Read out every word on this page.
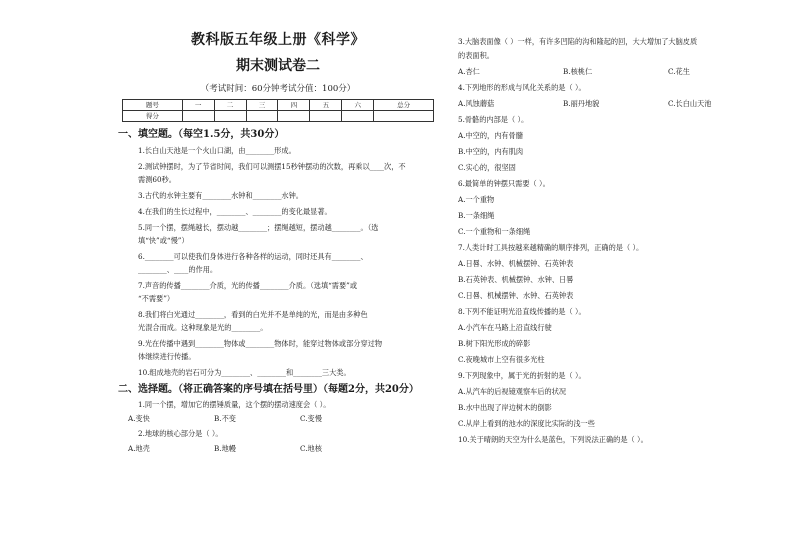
教科版五年级上册《科学》
期末测试卷二
（考试时间：60分钟考试分值：100分）
题号	一	二	三	四	五	六	总分
得分							
一、填空题。（每空1.5分，共30分）
1.长白山天池是一个火山口湖，由________形成。
2.测试钟摆时，为了节省时间，我们可以测摆15秒钟摆动的次数，再乘以____次，不
需测60秒。
3.古代的水钟主要有________水钟和________水钟。
4.在我们的生长过程中，________、________的变化最显著。
5.同一个摆，摆绳越长，摆动越________；摆绳越短，摆动越________。（选
填“快”或“慢”）
6.________可以使我们身体进行各种各样的运动，同时还具有________、
________、____的作用。
7.声音的传播________介质，光的传播________介质。（选填“需要”或
“不需要”）
8.我们将白光通过________，看到的白光并不是单纯的光，而是由多种色
光混合而成。这种现象是光的________。
9.光在传播中遇到________物体或________物体时，能穿过物体或部分穿过物
体继续进行传播。
10.组成地壳的岩石可分为________、________和________三大类。
二、选择题。（将正确答案的序号填在括号里）（每题2分，共20分）
1.同一个摆，增加它的摆锤质量，这个摆的摆动速度会（ ）。
A.变快	B.不变	C.变慢
2.地球的核心部分是（ ）。
A.地壳	B.地幔	C.地核
3.大脑表面像（ ）一样，有许多凹陷的沟和隆起的回，大大增加了大脑皮质
的表面积。
A.杏仁	B.核桃仁	C.花生
4.下列地形的形成与风化关系的是（ ）。
A.风蚀蘑菇	B.丽丹地貌	C.长白山天池
5.骨骼的内部是（ ）。
A.中空的，内有骨髓
B.中空的，内有肌肉
C.实心的，很坚固
6.最简单的钟摆只需要（ ）。
A.一个重物
B.一条细绳
C.一个重物和一条细绳
7.人类计时工具按越来越精确的顺序排列，正确的是（ ）。
A.日晷、水钟、机械摆钟、石英钟表
B.石英钟表、机械摆钟、水钟、日晷
C.日晷、机械摆钟、水钟、石英钟表
8.下列不能证明光沿直线传播的是（ ）。
A.小汽车在马路上沿直线行驶
B.树下阳光形成的碎影
C.夜晚城市上空有很多光柱
9.下列现象中，属于光的折射的是（ ）。
A.从汽车的后视镜观察车后的状况
B.水中出现了岸边树木的倒影
C.从岸上看到的池水的深度比实际的浅一些
10.关于晴朗的天空为什么是蓝色，下列说法正确的是（ ）。
